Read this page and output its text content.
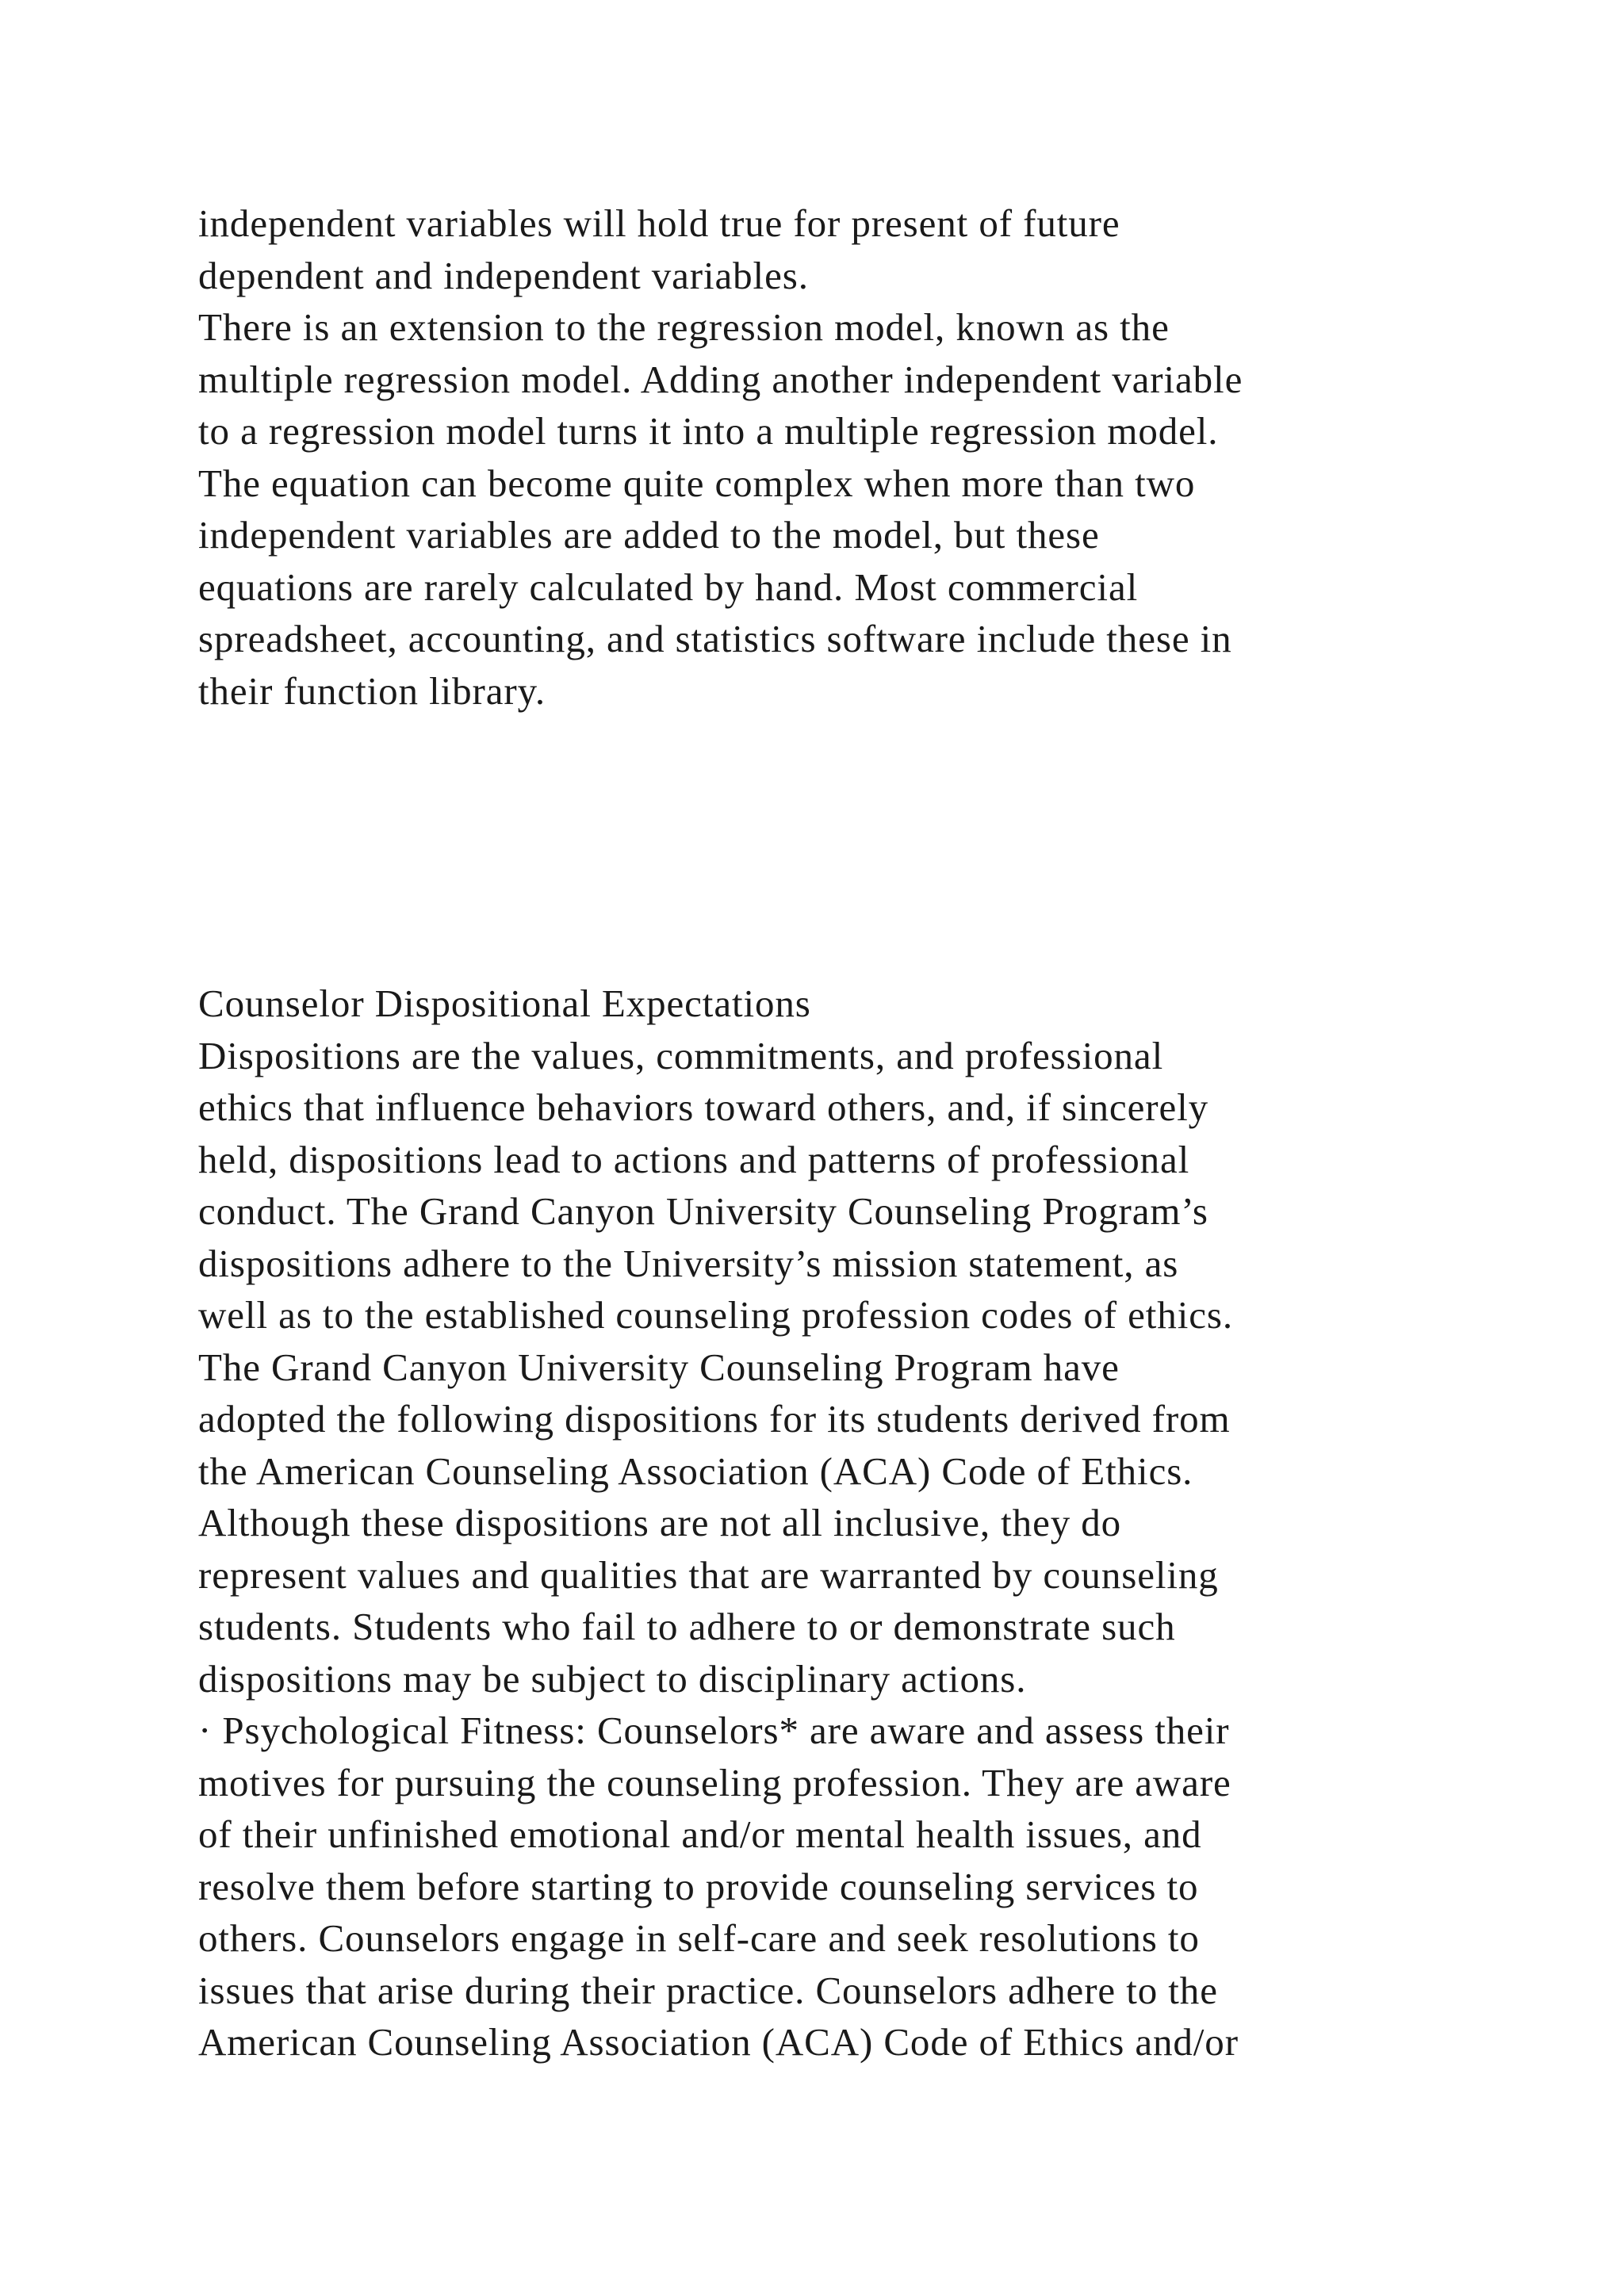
independent variables will hold true for present of future
dependent and independent variables.
There is an extension to the regression model, known as the
multiple regression model. Adding another independent variable
to a regression model turns it into a multiple regression model.
The equation can become quite complex when more than two
independent variables are added to the model, but these
equations are rarely calculated by hand. Most commercial
spreadsheet, accounting, and statistics software include these in
their function library.
Counselor Dispositional Expectations
Dispositions are the values, commitments, and professional
ethics that influence behaviors toward others, and, if sincerely
held, dispositions lead to actions and patterns of professional
conduct. The Grand Canyon University Counseling Program’s
dispositions adhere to the University’s mission statement, as
well as to the established counseling profession codes of ethics.
The Grand Canyon University Counseling Program have
adopted the following dispositions for its students derived from
the American Counseling Association (ACA) Code of Ethics.
Although these dispositions are not all inclusive, they do
represent values and qualities that are warranted by counseling
students. Students who fail to adhere to or demonstrate such
dispositions may be subject to disciplinary actions.
· Psychological Fitness: Counselors* are aware and assess their
motives for pursuing the counseling profession. They are aware
of their unfinished emotional and/or mental health issues, and
resolve them before starting to provide counseling services to
others. Counselors engage in self-care and seek resolutions to
issues that arise during their practice. Counselors adhere to the
American Counseling Association (ACA) Code of Ethics and/or
